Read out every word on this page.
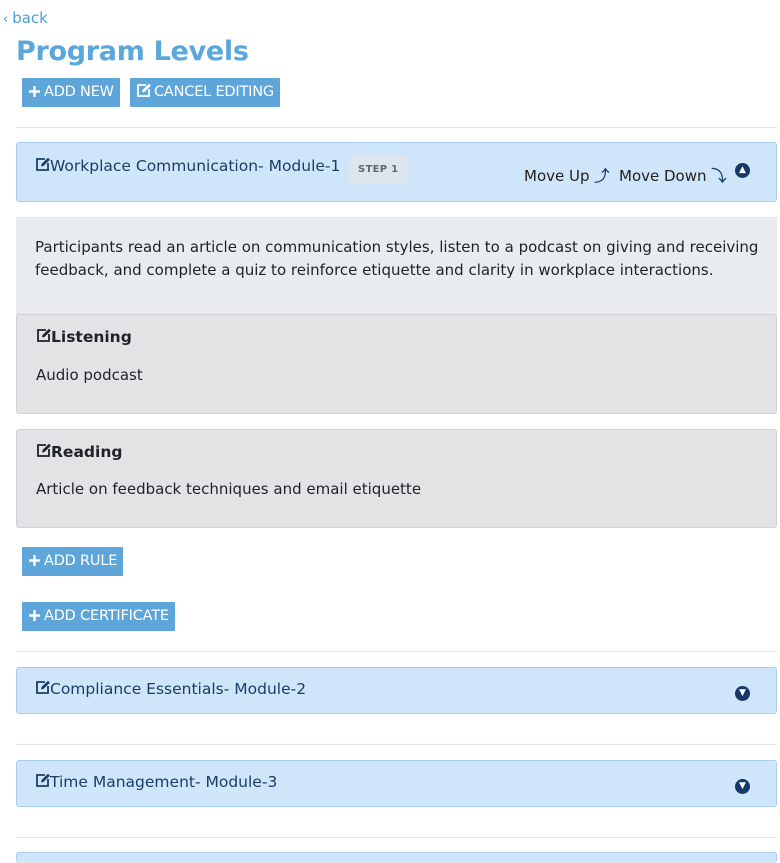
‹ back
Program Levels
ADD NEW	CANCEL EDITING
Workplace Communication- Module-1	STEP 1	Move Up ⤴ Move Down ⤵	▲
Participants read an article on communication styles, listen to a podcast on giving and receiving feedback, and complete a quiz to reinforce etiquette and clarity in workplace interactions.
Listening
Audio podcast
Reading
Article on feedback techniques and email etiquette
ADD RULE
ADD CERTIFICATE
Compliance Essentials- Module-2	▼
Time Management- Module-3	▼
